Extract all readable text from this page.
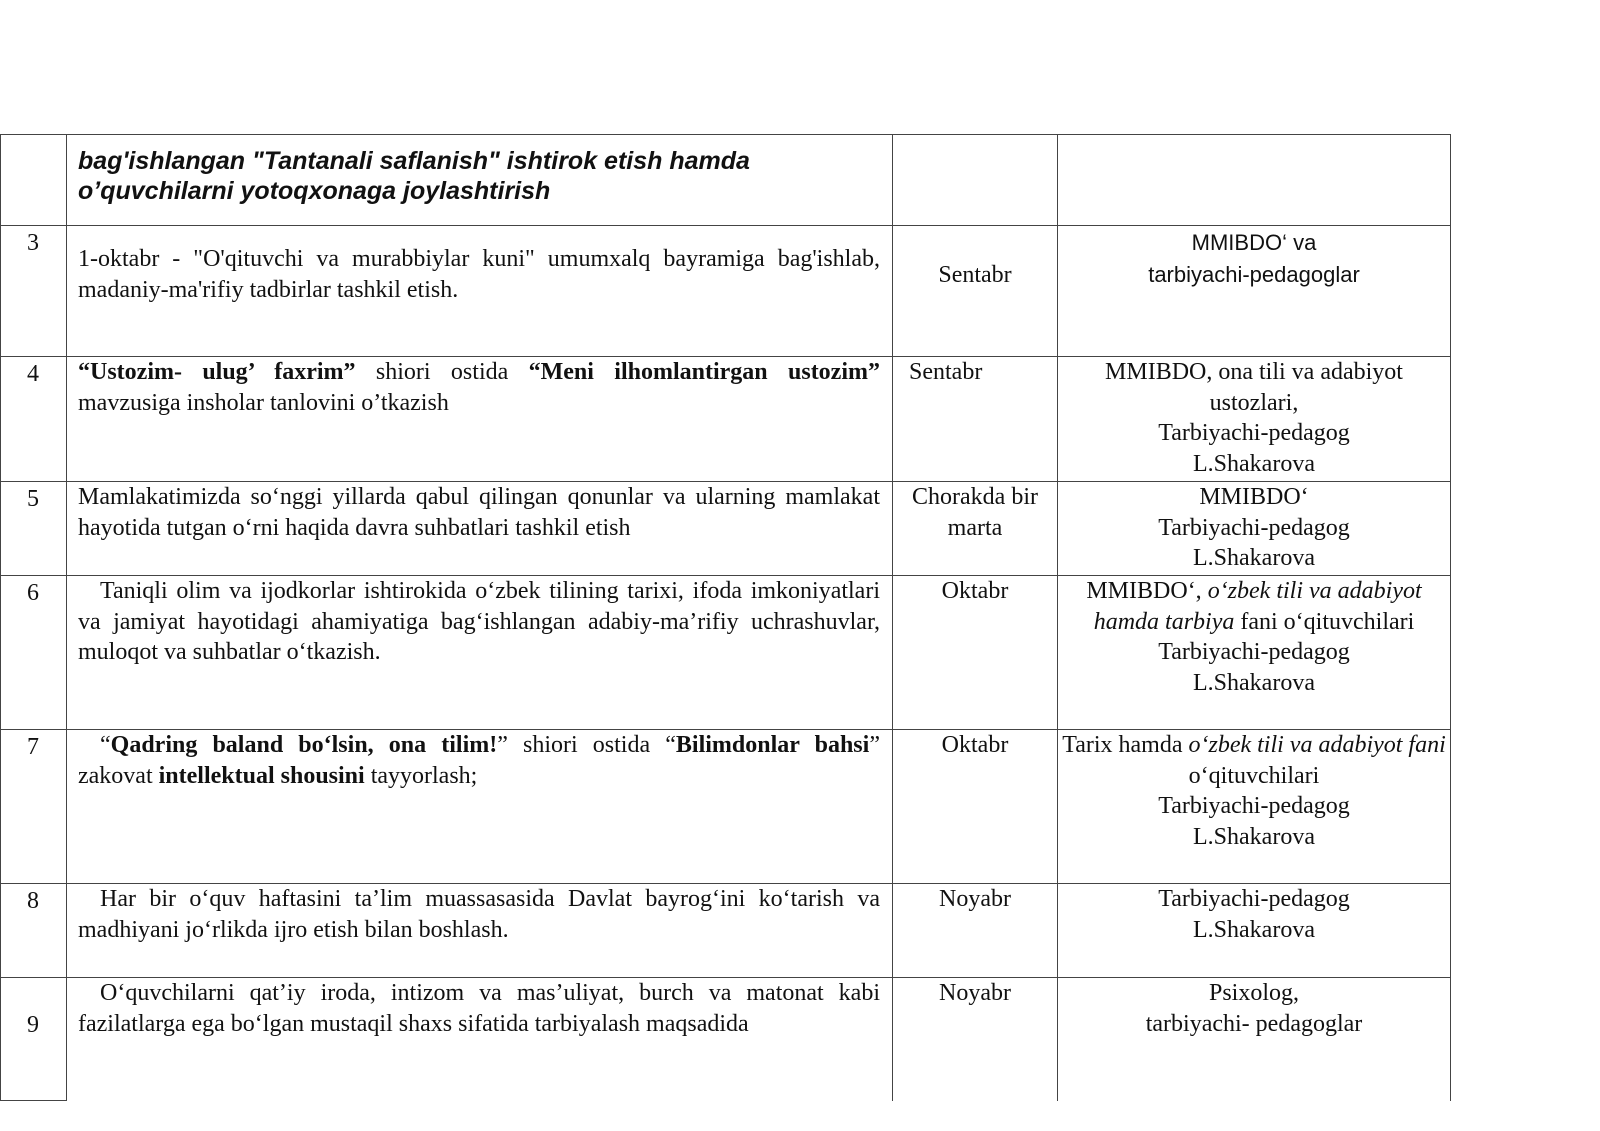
	bag'ishlangan "Tantanali saflanish" ishtirok etish hamda o’quvchilarni yotoqxonaga joylashtirish		
3	1-oktabr - "O'qituvchi va murabbiylar kuni" umumxalq bayramiga bag'ishlab, madaniy-ma'rifiy tadbirlar tashkil etish.	Sentabr	MMIBDO‘ va
tarbiyachi-pedagoglar

4	“Ustozim- ulug’ faxrim” shiori ostida “Meni ilhomlantirgan ustozim” mavzusiga insholar tanlovini o’tkazish	Sentabr	MMIBDO, ona tili va adabiyot ustozlari,
Tarbiyachi-pedagog
L.Shakarova

5	Mamlakatimizda so‘nggi yillarda qabul qilingan qonunlar va ularning mamlakat hayotida tutgan o‘rni haqida davra suhbatlari tashkil etish	Chorakda bir marta	MMIBDO‘
Tarbiyachi-pedagog
L.Shakarova

6	Taniqli olim va ijodkorlar ishtirokida o‘zbek tilining tarixi, ifoda imkoniyatlari va jamiyat hayotidagi ahamiyatiga bag‘ishlangan adabiy-ma’rifiy uchrashuvlar, muloqot va suhbatlar o‘tkazish.	Oktabr	MMIBDO‘, o‘zbek tili va adabiyot hamda tarbiya fani o‘qituvchilari
Tarbiyachi-pedagog
L.Shakarova

7	“Qadring baland bo‘lsin, ona tilim!” shiori ostida “Bilimdonlar bahsi” zakovat intellektual shousini tayyorlash;	Oktabr	Tarix hamda o‘zbek tili va adabiyot fani o‘qituvchilari
Tarbiyachi-pedagog
L.Shakarova

8	Har bir o‘quv haftasini ta’lim muassasasida Davlat bayrog‘ini ko‘tarish va madhiyani jo‘rlikda ijro etish bilan boshlash.	Noyabr	Tarbiyachi-pedagog
L.Shakarova

9	O‘quvchilarni qat’iy iroda, intizom va mas’uliyat, burch va matonat kabi fazilatlarga ega bo‘lgan mustaqil shaxs sifatida tarbiyalash maqsadida	Noyabr	Psixolog,
tarbiyachi- pedagoglar
